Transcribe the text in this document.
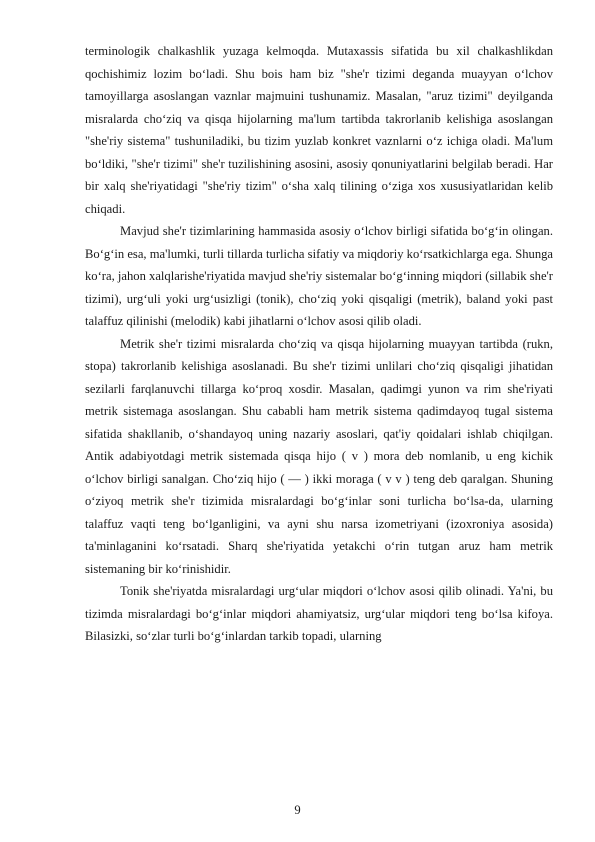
terminologik chalkashlik yuzaga kelmoqda. Mutaxassis sifatida bu xil chalkashlikdan qochishimiz lozim bo‘ladi. Shu bois ham biz "she'r tizimi deganda muayyan o‘lchov tamoyillarga asoslangan vaznlar majmuini tushunamiz. Masalan, "aruz tizimi" deyilganda misralarda cho‘ziq va qisqa hijolarning ma'lum tartibda takrorlanib kelishiga asoslangan "she'riy sistema" tushuniladiki, bu tizim yuzlab konkret vaznlarni o‘z ichiga oladi. Ma'lum bo‘ldiki, "she'r tizimi" she'r tuzilishining asosini, asosiy qonuniyatlarini belgilab beradi. Har bir xalq she'riyatidagi "she'riy tizim" o‘sha xalq tilining o‘ziga xos xususiyatlaridan kelib chiqadi.

Mavjud she'r tizimlarining hammasida asosiy o‘lchov birligi sifatida bo‘g‘in olingan. Bo‘g‘in esa, ma'lumki, turli tillarda turlicha sifatiy va miqdoriy ko‘rsatkichlarga ega. Shunga ko‘ra, jahon xalqlarishe'riyatida mavjud she'riy sistemalar bo‘g‘inning miqdori (sillabik she'r tizimi), urg‘uli yoki urg‘usizligi (tonik), cho‘ziq yoki qisqaligi (metrik), baland yoki past talaffuz qilinishi (melodik) kabi jihatlarni o‘lchov asosi qilib oladi.

Metrik she'r tizimi misralarda cho‘ziq va qisqa hijolarning muayyan tartibda (rukn, stopa) takrorlanib kelishiga asoslanadi. Bu she'r tizimi unlilari cho‘ziq qisqaligi jihatidan sezilarli farqlanuvchi tillarga ko‘proq xosdir. Masalan, qadimgi yunon va rim she'riyati metrik sistemaga asoslangan. Shu cababli ham metrik sistema qadimdayoq tugal sistema sifatida shakllanib, o‘shandayoq uning nazariy asoslari, qat'iy qoidalari ishlab chiqilgan. Antik adabiyotdagi metrik sistemada qisqa hijo ( v ) mora deb nomlanib, u eng kichik o‘lchov birligi sanalgan. Cho‘ziq hijo ( — ) ikki moraga ( v v ) teng deb qaralgan. Shuning o‘ziyoq metrik she'r tizimida misralardagi bo‘g‘inlar soni turlicha bo‘lsa-da, ularning talaffuz vaqti teng bo‘lganligini, va ayni shu narsa izometriyani (izoxroniya asosida) ta'minlaganini ko‘rsatadi. Sharq she'riyatida yetakchi o‘rin tutgan aruz ham metrik sistemaning bir ko‘rinishidir.

Tonik she'riyatda misralardagi urg‘ular miqdori o‘lchov asosi qilib olinadi. Ya'ni, bu tizimda misralardagi bo‘g‘inlar miqdori ahamiyatsiz, urg‘ular miqdori teng bo‘lsa kifoya. Bilasizki, so‘zlar turli bo‘g‘inlardan tarkib topadi, ularning

9
